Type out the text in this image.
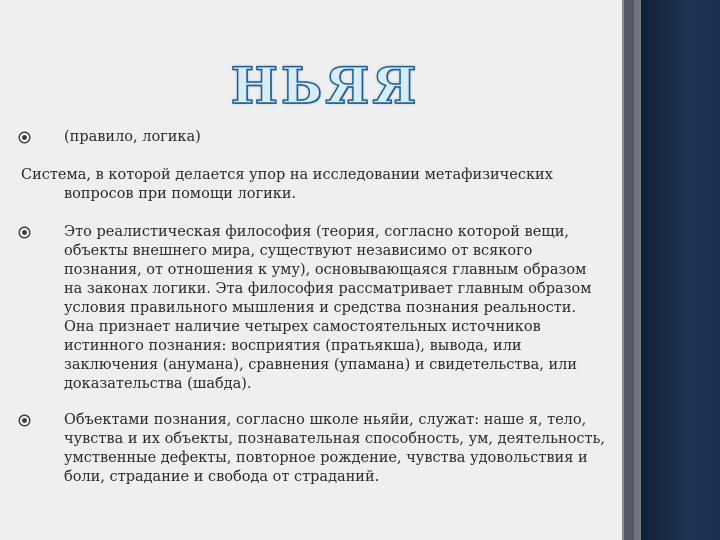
НЬЯЯ

(правило, логика)

Система, в которой делается упор на исследовании метафизических вопросов при помощи логики.

Это реалистическая философия (теория, согласно которой вещи, объекты внешнего мира, существуют независимо от всякого познания, от отношения к уму), основывающаяся главным образом на законах логики. Эта философия рассматривает главным образом условия правильного мышления и средства познания реальности. Она признает наличие четырех самостоятельных источников истинного познания: восприятия (пратьякша), вывода, или заключения (анумана), сравнения (упамана) и свидетельства, или доказательства (шабда).

Объектами познания, согласно школе ньяйи, служат: наше я, тело, чувства и их объекты, познавательная способность, ум, деятельность, умственные дефекты, повторное рождение, чувства удовольствия и боли, страдание и свобода от страданий.
